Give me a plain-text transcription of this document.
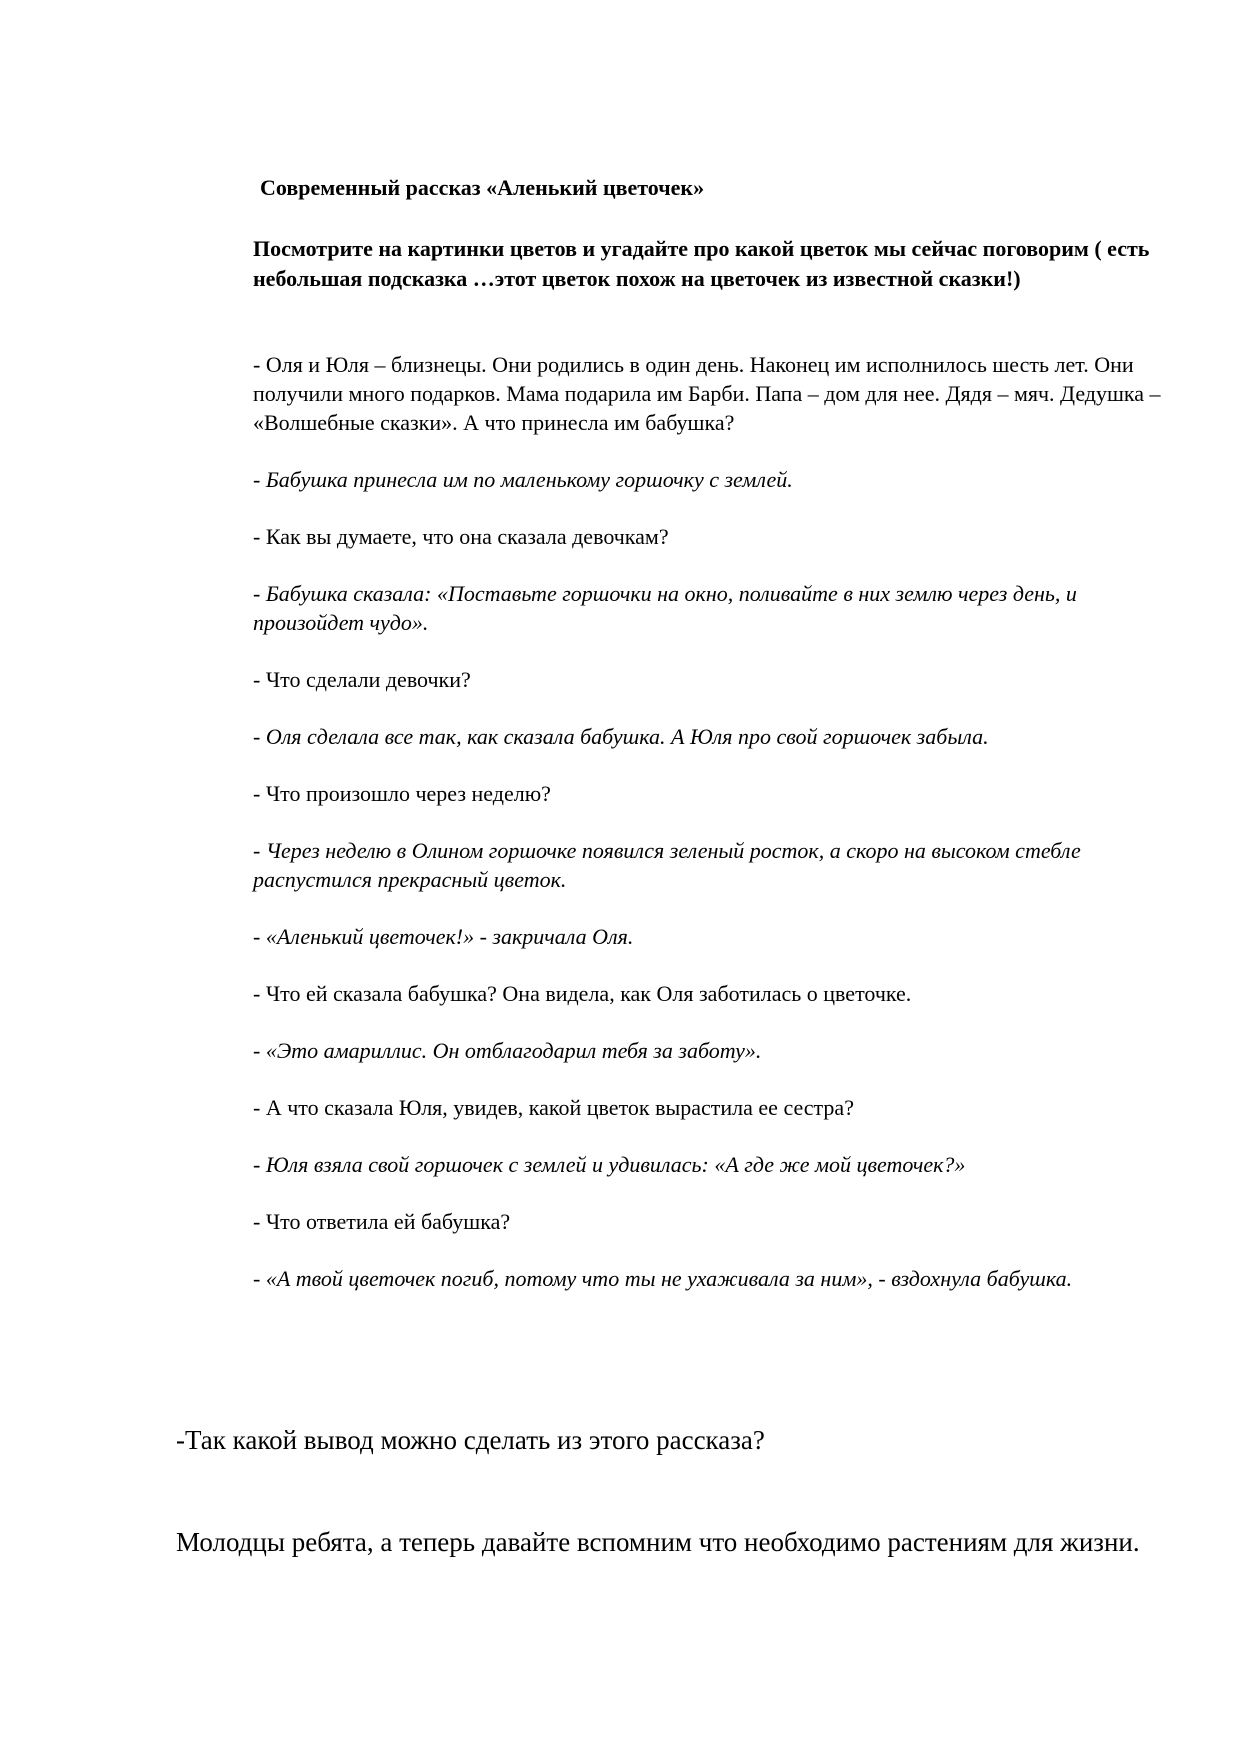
Современный рассказ «Аленький цветочек»
Посмотрите на картинки цветов и угадайте про какой цветок мы сейчас поговорим ( есть небольшая подсказка …этот цветок похож на цветочек из известной сказки!)

- Оля и Юля – близнецы. Они родились в один день. Наконец им исполнилось шесть лет. Они получили много подарков. Мама подарила им Барби. Папа – дом для нее. Дядя – мяч. Дедушка – «Волшебные сказки». А что принесла им бабушка?

- Бабушка принесла им по маленькому горшочку с землей.

- Как вы думаете, что она сказала девочкам?

- Бабушка сказала: «Поставьте горшочки на окно, поливайте в них землю через день, и произойдет чудо».

- Что сделали девочки?

- Оля сделала все так, как сказала бабушка. А Юля про свой горшочек забыла.

- Что произошло через неделю?

- Через неделю в Олином горшочке появился зеленый росток, а скоро на высоком стебле распустился прекрасный цветок.

- «Аленький цветочек!» - закричала Оля.

- Что ей сказала бабушка? Она видела, как Оля заботилась о цветочке.

- «Это амариллис. Он отблагодарил тебя за заботу».

- А что сказала Юля, увидев, какой цветок вырастила ее сестра?

- Юля взяла свой горшочек с землей и удивилась: «А где же мой цветочек?»

- Что ответила ей бабушка?

- «А твой цветочек погиб, потому что ты не ухаживала за ним», - вздохнула бабушка.

-Так какой вывод можно сделать из этого рассказа?
Молодцы ребята, а теперь давайте вспомним что необходимо растениям для жизни.
